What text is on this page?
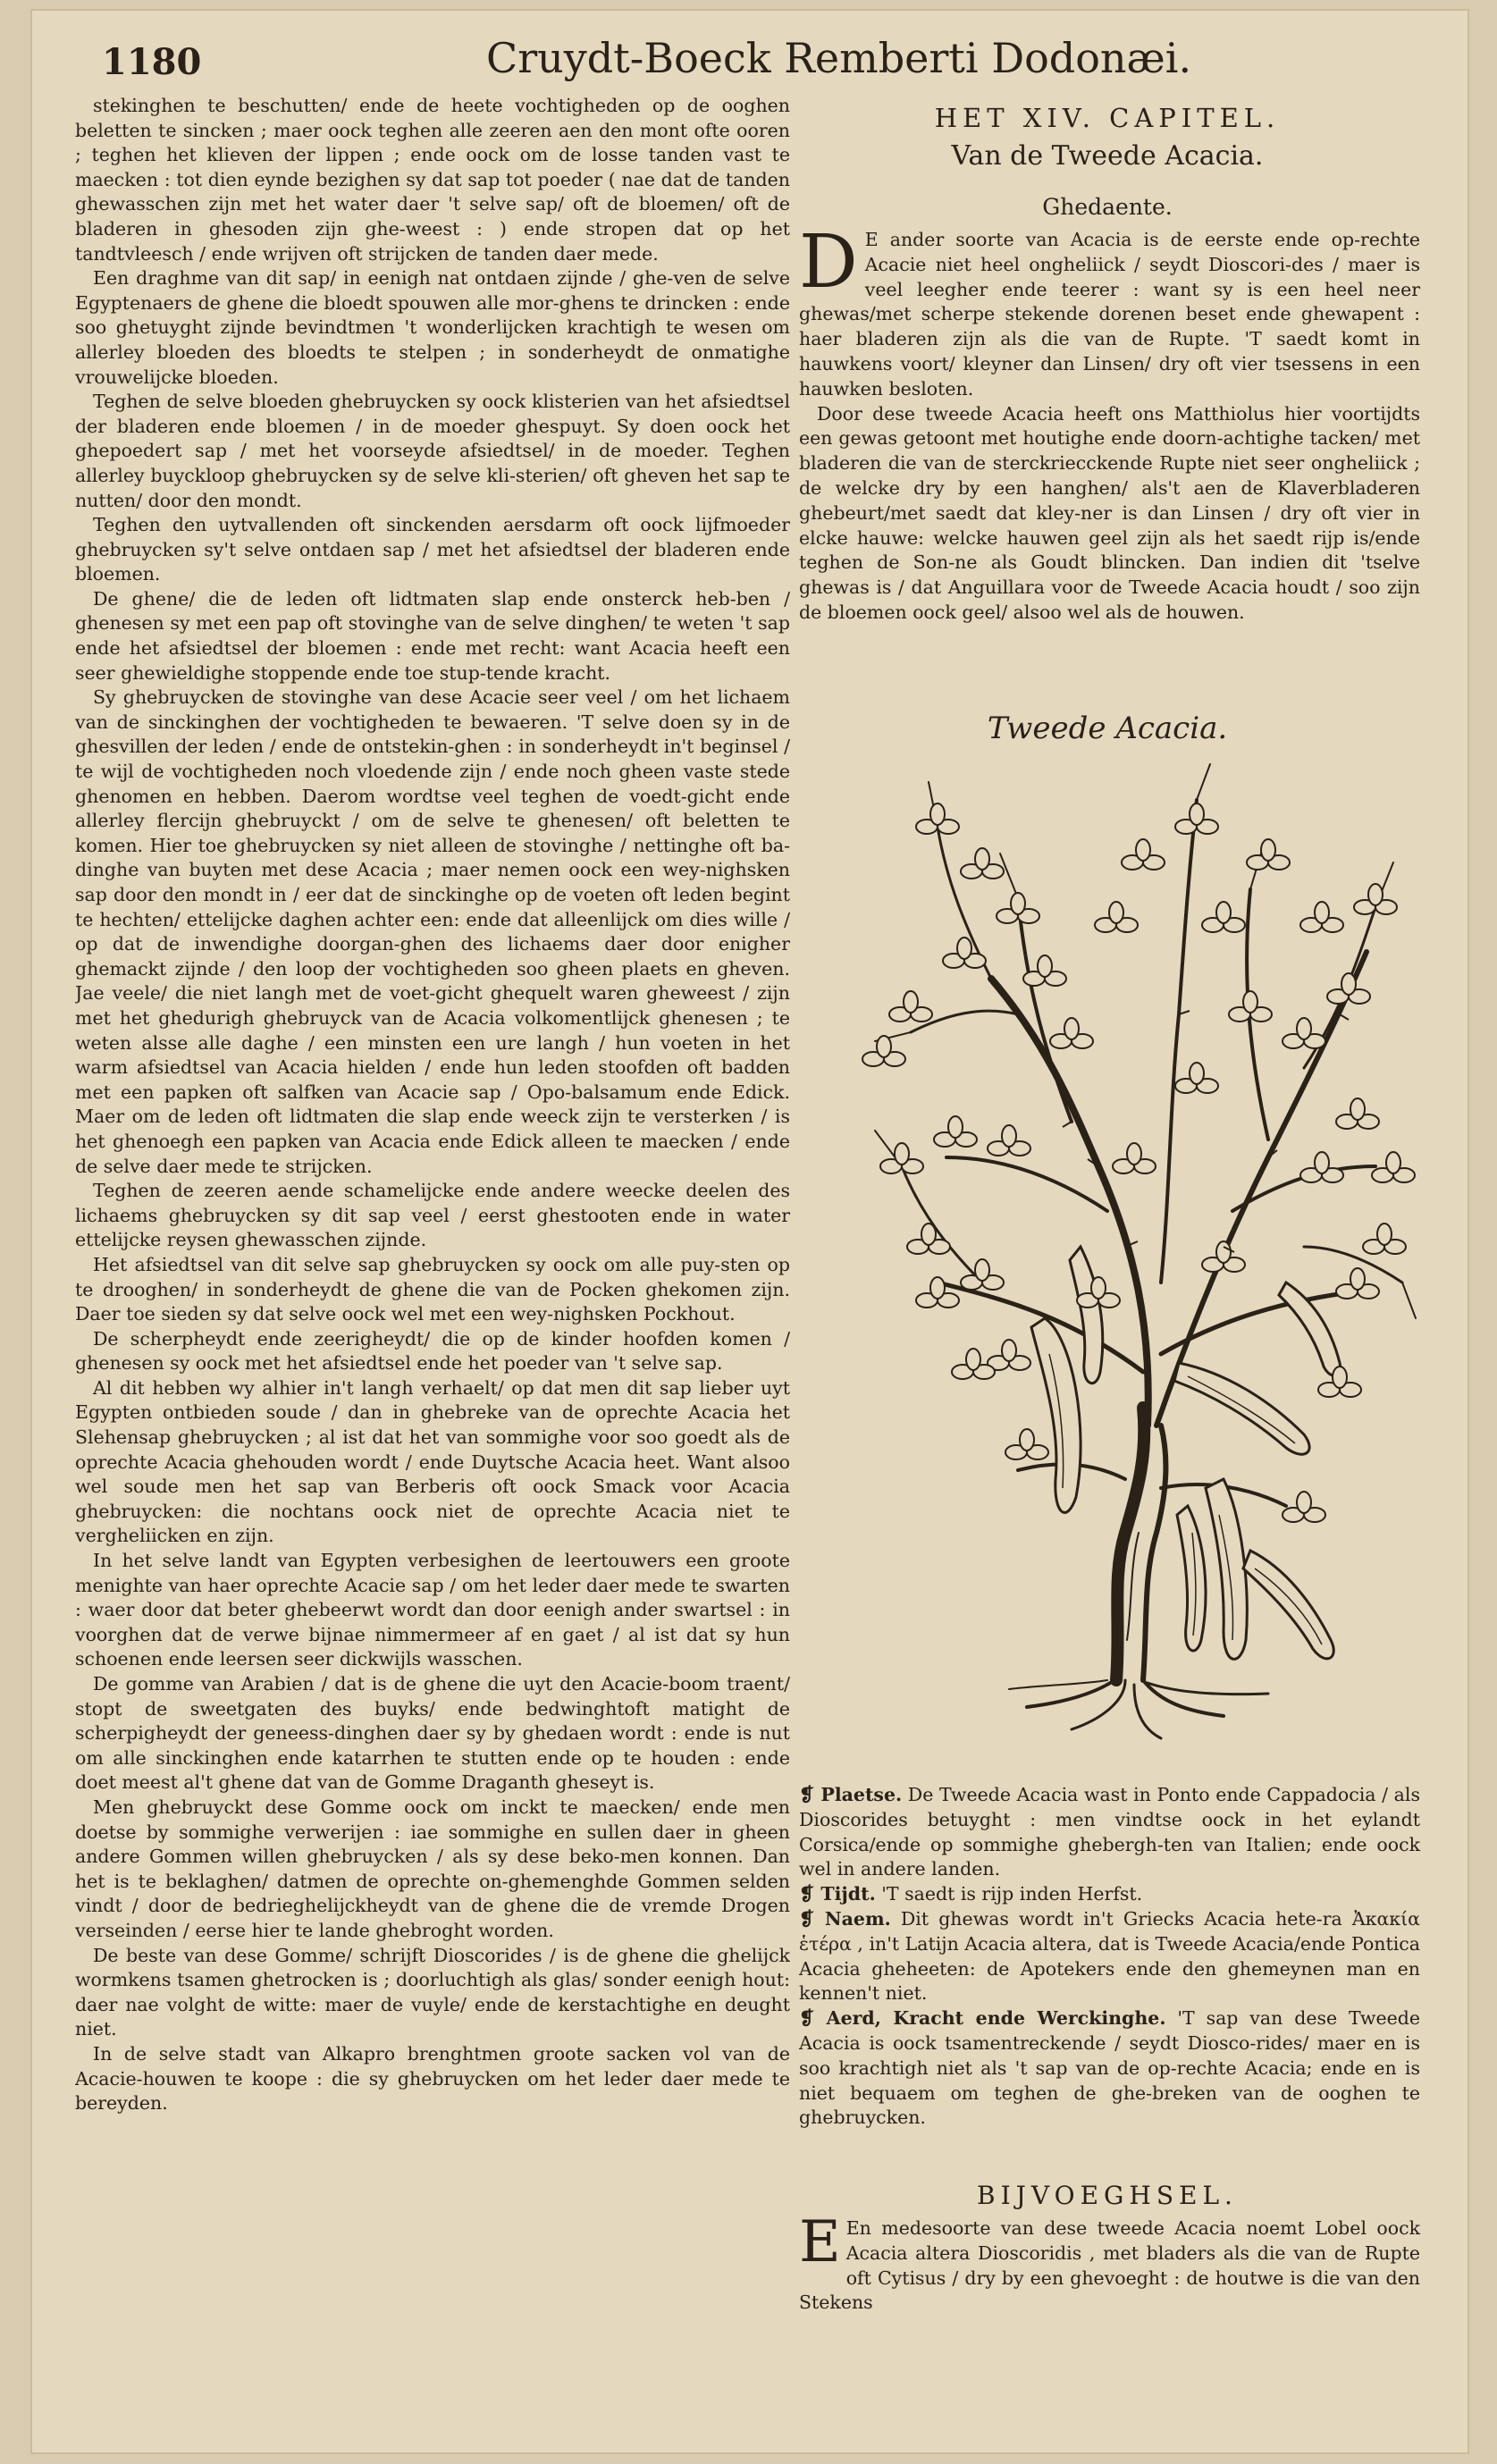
1180	Cruydt-Boeck Remberti Dodonæi.

stekinghen te beschutten/ ende de heete vochtigheden op de ooghen beletten te sincken ; maer oock teghen alle zeeren aen den mont ofte ooren ; teghen het klieven der lippen ; ende oock om de losse tanden vast te maecken : tot dien eynde bezighen sy dat sap tot poeder ( nae dat de tanden ghewasschen zijn met het water daer 't selve sap/ oft de bloemen/ oft de bladeren in ghesoden zijn ghe-weest : ) ende stropen dat op het tandtvleesch / ende wrijven oft strijcken de tanden daer mede.

Een draghme van dit sap/ in eenigh nat ontdaen zijnde / ghe-ven de selve Egyptenaers de ghene die bloedt spouwen alle mor-ghens te drincken : ende soo ghetuyght zijnde bevindtmen 't wonderlijcken krachtigh te wesen om allerley bloeden des bloedts te stelpen ; in sonderheydt de onmatighe vrouwelijcke bloeden.

Teghen de selve bloeden ghebruycken sy oock klisterien van het afsiedtsel der bladeren ende bloemen / in de moeder ghespuyt. Sy doen oock het ghepoedert sap / met het voorseyde afsiedtsel/ in de moeder. Teghen allerley buyckloop ghebruycken sy de selve kli-sterien/ oft gheven het sap te nutten/ door den mondt.

Teghen den uytvallenden oft sinckenden aersdarm oft oock lijfmoeder ghebruycken sy't selve ontdaen sap / met het afsiedtsel der bladeren ende bloemen.

De ghene/ die de leden oft lidtmaten slap ende onsterck heb-ben / ghenesen sy met een pap oft stovinghe van de selve dinghen/ te weten 't sap ende het afsiedtsel der bloemen : ende met recht: want Acacia heeft een seer ghewieldighe stoppende ende toe stup-tende kracht.

Sy ghebruycken de stovinghe van dese Acacie seer veel / om het lichaem van de sinckinghen der vochtigheden te bewaeren. 'T selve doen sy in de ghesvillen der leden / ende de ontstekin-ghen : in sonderheydt in't beginsel / te wijl de vochtigheden noch vloedende zijn / ende noch gheen vaste stede ghenomen en hebben. Daerom wordtse veel teghen de voedt-gicht ende allerley flercijn ghebruyckt / om de selve te ghenesen/ oft beletten te komen. Hier toe ghebruycken sy niet alleen de stovinghe / nettinghe oft ba-dinghe van buyten met dese Acacia ; maer nemen oock een wey-nighsken sap door den mondt in / eer dat de sinckinghe op de voeten oft leden begint te hechten/ ettelijcke daghen achter een: ende dat alleenlijck om dies wille / op dat de inwendighe doorgan-ghen des lichaems daer door enigher ghemackt zijnde / den loop der vochtigheden soo gheen plaets en gheven. Jae veele/ die niet langh met de voet-gicht ghequelt waren gheweest / zijn met het ghedurigh ghebruyck van de Acacia volkomentlijck ghenesen ; te weten alsse alle daghe / een minsten een ure langh / hun voeten in het warm afsiedtsel van Acacia hielden / ende hun leden stoofden oft badden met een papken oft salfken van Acacie sap / Opo-balsamum ende Edick. Maer om de leden oft lidtmaten die slap ende weeck zijn te versterken / is het ghenoegh een papken van Acacia ende Edick alleen te maecken / ende de selve daer mede te strijcken.

Teghen de zeeren aende schamelijcke ende andere weecke deelen des lichaems ghebruycken sy dit sap veel / eerst ghestooten ende in water ettelijcke reysen ghewasschen zijnde.

Het afsiedtsel van dit selve sap ghebruycken sy oock om alle puy-sten op te drooghen/ in sonderheydt de ghene die van de Pocken ghekomen zijn. Daer toe sieden sy dat selve oock wel met een wey-nighsken Pockhout.

De scherpheydt ende zeerigheydt/ die op de kinder hoofden komen / ghenesen sy oock met het afsiedtsel ende het poeder van 't selve sap.

Al dit hebben wy alhier in't langh verhaelt/ op dat men dit sap lieber uyt Egypten ontbieden soude / dan in ghebreke van de oprechte Acacia het Slehensap ghebruycken ; al ist dat het van sommighe voor soo goedt als de oprechte Acacia ghehouden wordt / ende Duytsche Acacia heet. Want alsoo wel soude men het sap van Berberis oft oock Smack voor Acacia ghebruycken: die nochtans oock niet de oprechte Acacia niet te vergheliicken en zijn.

In het selve landt van Egypten verbesighen de leertouwers een groote menighte van haer oprechte Acacie sap / om het leder daer mede te swarten : waer door dat beter ghebeerwt wordt dan door eenigh ander swartsel : in voorghen dat de verwe bijnae nimmermeer af en gaet / al ist dat sy hun schoenen ende leersen seer dickwijls wasschen.

De gomme van Arabien / dat is de ghene die uyt den Acacie-boom traent/ stopt de sweetgaten des buyks/ ende bedwinghtoft matight de scherpigheydt der geneess-dinghen daer sy by ghedaen wordt : ende is nut om alle sinckinghen ende katarrhen te stutten ende op te houden : ende doet meest al't ghene dat van de Gomme Draganth gheseyt is.

Men ghebruyckt dese Gomme oock om inckt te maecken/ ende men doetse by sommighe verwerijen : iae sommighe en sullen daer in gheen andere Gommen willen ghebruycken / als sy dese beko-men konnen. Dan het is te beklaghen/ datmen de oprechte on-ghemenghde Gommen selden vindt / door de bedrieghelijckheydt van de ghene die de vremde Drogen verseinden / eerse hier te lande ghebroght worden.

De beste van dese Gomme/ schrijft Dioscorides / is de ghene die ghelijck wormkens tsamen ghetrocken is ; doorluchtigh als glas/ sonder eenigh hout: daer nae volght de witte: maer de vuyle/ ende de kerstachtighe en deught niet.

In de selve stadt van Alkapro brenghtmen groote sacken vol van de Acacie-houwen te koope : die sy ghebruycken om het leder daer mede te bereyden.

HET XIV. CAPITEL.
Van de Tweede Acacia.
Ghedaente.

D E ander soorte van Acacia is de eerste ende op-rechte Acacie niet heel ongheliick / seydt Dioscori-des / maer is veel leegher ende teerer : want sy is een heel neer ghewas/met scherpe stekende dorenen beset ende ghewapent : haer bladeren zijn als die van de Rupte. 'T saedt komt in hauwkens voort/ kleyner dan Linsen/ dry oft vier tsessens in een hauwken besloten.

Door dese tweede Acacia heeft ons Matthiolus hier voortijdts een gewas getoont met houtighe ende doorn-achtighe tacken/ met bladeren die van de sterckriecckende Rupte niet seer ongheliick ; de welcke dry by een hanghen/ als't aen de Klaverbladeren ghebeurt/met saedt dat kley-ner is dan Linsen / dry oft vier in elcke hauwe: welcke hauwen geel zijn als het saedt rijp is/ende teghen de Son-ne als Goudt blincken. Dan indien dit 'tselve ghewas is / dat Anguillara voor de Tweede Acacia houdt / soo zijn de bloemen oock geel/ alsoo wel als de houwen.

Tweede Acacia.

❡ Plaetse. De Tweede Acacia wast in Ponto ende Cappadocia / als Dioscorides betuyght : men vindtse oock in het eylandt Corsica/ende op sommighe ghebergh-ten van Italien; ende oock wel in andere landen.

❡ Tijdt. 'T saedt is rijp inden Herfst.

❡ Naem. Dit ghewas wordt in't Griecks Acacia hete-ra Ἀκακία ἑτέρα , in't Latijn Acacia altera, dat is Tweede Acacia/ende Pontica Acacia gheheeten: de Apotekers ende den ghemeynen man en kennen't niet.

❡ Aerd, Kracht ende Werckinghe. 'T sap van dese Tweede Acacia is oock tsamentreckende / seydt Diosco-rides/ maer en is soo krachtigh niet als 't sap van de op-rechte Acacia; ende en is niet bequaem om teghen de ghe-breken van de ooghen te ghebruycken.

BIJVOEGHSEL.

E En medesoorte van dese tweede Acacia noemt Lobel oock Acacia altera Dioscoridis , met bladers als die van de Rupte oft Cytisus / dry by een ghevoeght : de houtwe is die van den Stekens
